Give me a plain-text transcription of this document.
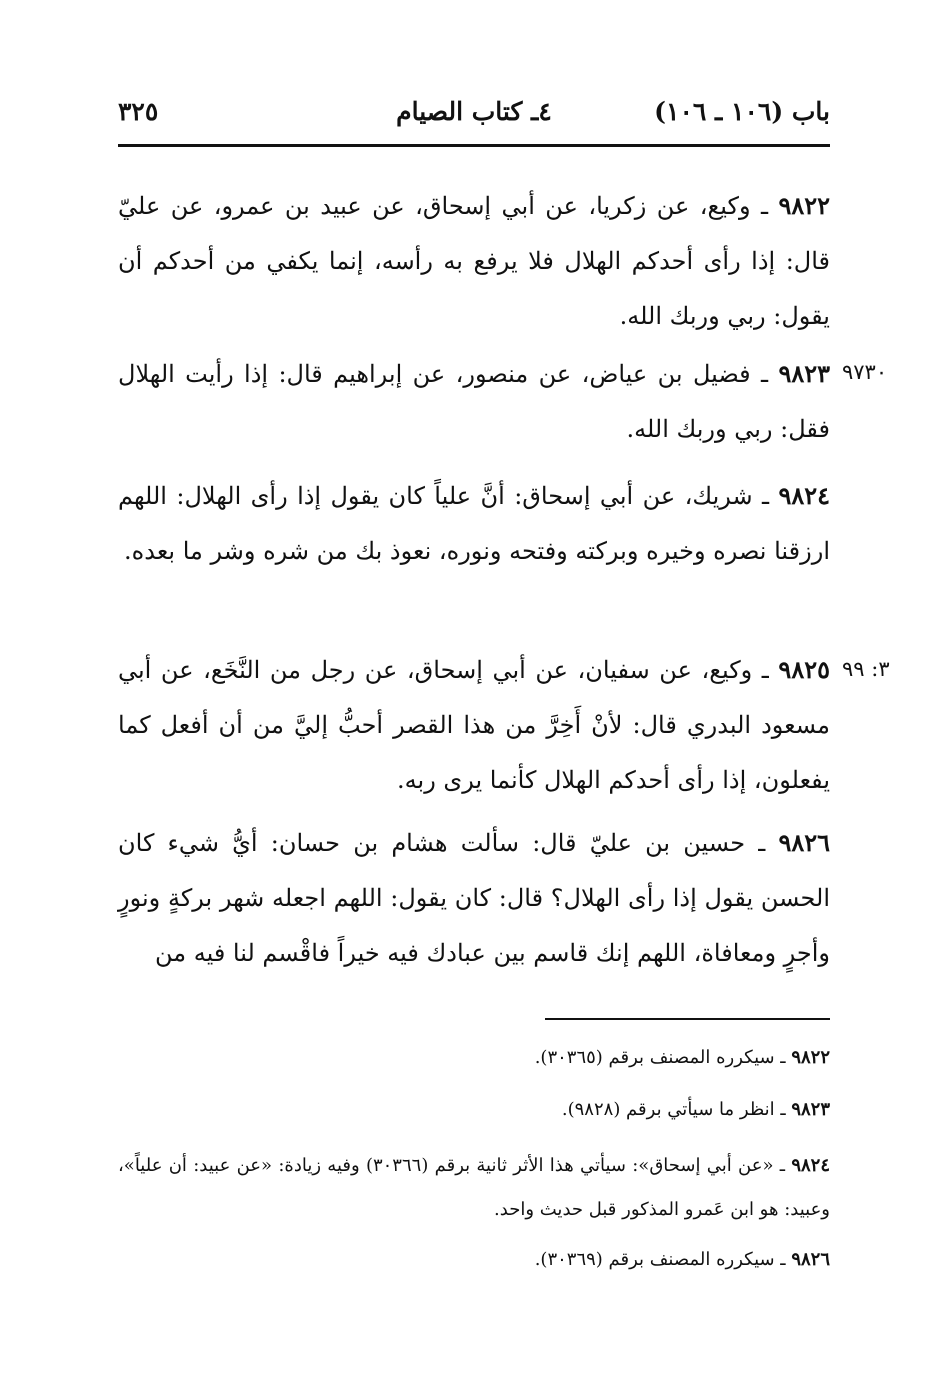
باب (١٠٦ ـ ١٠٦)
٤ـ كتاب الصيام
٣٢٥
٩٨٢٢ ـ وكيع، عن زكريا، عن أبي إسحاق، عن عبيد بن عمرو، عن عليّ قال: إذا رأى أحدكم الهلال فلا يرفع به رأسه، إنما يكفي من أحدكم أن يقول: ربي وربك الله.
٩٧٣٠
٩٨٢٣ ـ فضيل بن عياض، عن منصور، عن إبراهيم قال: إذا رأيت الهلال فقل: ربي وربك الله.
٩٨٢٤ ـ شريك، عن أبي إسحاق: أنَّ علياً كان يقول إذا رأى الهلال: اللهم ارزقنا نصره وخيره وبركته وفتحه ونوره، نعوذ بك من شره وشر ما بعده.
٣: ٩٩
٩٨٢٥ ـ وكيع، عن سفيان، عن أبي إسحاق، عن رجل من النَّخَع، عن أبي مسعود البدري قال: لأنْ أَخِرَّ من هذا القصر أحبُّ إليَّ من أن أفعل كما يفعلون، إذا رأى أحدكم الهلال كأنما يرى ربه.
٩٨٢٦ ـ حسين بن عليّ قال: سألت هشام بن حسان: أيُّ شيء كان الحسن يقول إذا رأى الهلال؟ قال: كان يقول: اللهم اجعله شهر بركةٍ ونورٍ وأجرٍ ومعافاة، اللهم إنك قاسم بين عبادك فيه خيراً فاقْسم لنا فيه من
٩٨٢٢ ـ سيكرره المصنف برقم (٣٠٣٦٥).
٩٨٢٣ ـ انظر ما سيأتي برقم (٩٨٢٨).
٩٨٢٤ ـ «عن أبي إسحاق»: سيأتي هذا الأثر ثانية برقم (٣٠٣٦٦) وفيه زيادة: «عن عبيد: أن علياً»، وعبيد: هو ابن عَمرو المذكور قبل حديث واحد.
٩٨٢٦ ـ سيكرره المصنف برقم (٣٠٣٦٩).
